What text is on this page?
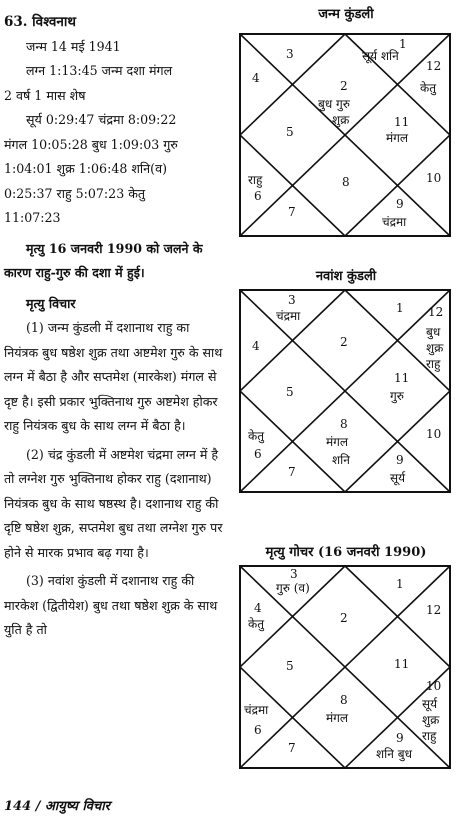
63. विश्वनाथ

जन्म 14 मई 1941

लग्न 1:13:45 जन्म दशा मंगल

2 वर्ष 1 मास शेष

सूर्य 0:29:47 चंद्रमा 8:09:22

मंगल 10:05:28 बुध 1:09:03 गुरु

1:04:01 शुक्र 1:06:48 शनि(व)

0:25:37 राहु 5:07:23 केतु

11:07:23

मृत्यु 16 जनवरी 1990 को जलने के कारण राहु-गुरु की दशा में हुई।

मृत्यु विचार

(1) जन्म कुंडली में दशानाथ राहु का नियंत्रक बुध षष्ठेश शुक्र तथा अष्टमेश गुरु के साथ लग्न में बैठा है और सप्तमेश (मारकेश) मंगल से दृष्ट है। इसी प्रकार भुक्तिनाथ गुरु अष्टमेश होकर राहु नियंत्रक बुध के साथ लग्न में बैठा है।

(2) चंद्र कुंडली में अष्टमेश चंद्रमा लग्न में है तो लग्नेश गुरु भुक्तिनाथ होकर राहु (दशानाथ) नियंत्रक बुध के साथ षष्ठस्थ है। दशानाथ राहु की दृष्टि षष्ठेश शुक्र, सप्तमेश बुध तथा लग्नेश गुरु पर होने से मारक प्रभाव बढ़ गया है।

(3) नवांश कुंडली में दशानाथ राहु की मारकेश (द्वितीयेश) बुध तथा षष्ठेश शुक्र के साथ युति है तो

जन्म कुंडली
1
2
3
4
5
6
7
8
9
10
11
12
सूर्य शनि
बुध गुरु
शुक्र
मंगल
केतु
राहु
चंद्रमा
नवांश कुंडली
1
2
3
4
5
6
7
8
9
10
11
12
चंद्रमा
बुध
शुक्र
राहु
गुरु
मंगल
शनि
केतु
सूर्य
मृत्यु गोचर (16 जनवरी 1990)
1
2
3
4
5
6
7
8
9
10
11
12
गुरु (व)
केतु
सूर्य
शुक्र
राहु
चंद्रमा
मंगल
शनि बुध
144 / आयुष्य विचार
